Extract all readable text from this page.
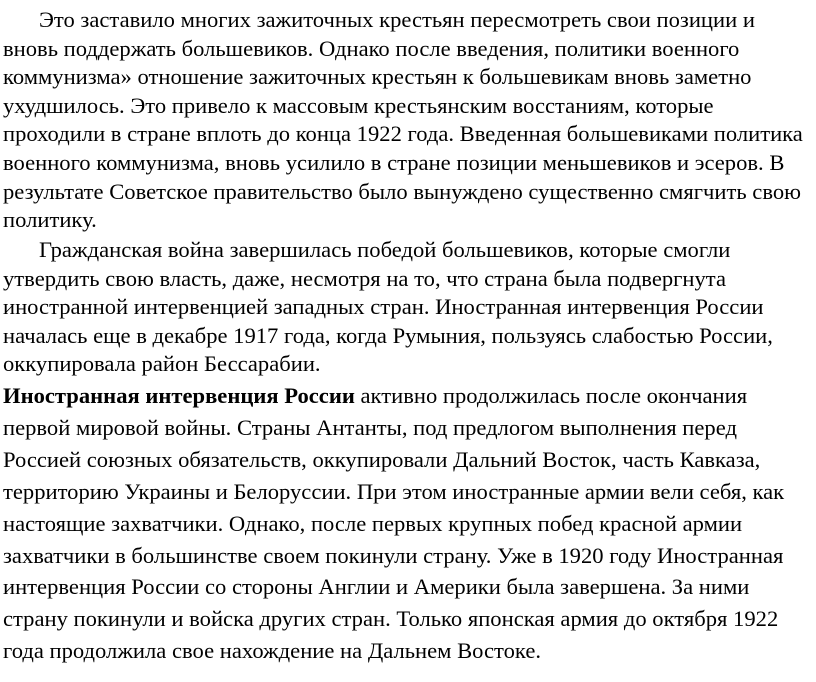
Это заставило многих зажиточных крестьян пересмотреть свои позиции и вновь поддержать большевиков. Однако после введения, политики военного коммунизма» отношение зажиточных крестьян к большевикам вновь заметно ухудшилось. Это привело к массовым крестьянским восстаниям, которые проходили в стране вплоть до конца 1922 года. Введенная большевиками политика военного коммунизма, вновь усилило в стране позиции меньшевиков и эсеров. В результате Советское правительство было вынуждено существенно смягчить свою политику.

Гражданская война завершилась победой большевиков, которые смогли утвердить свою власть, даже, несмотря на то, что страна была подвергнута иностранной интервенцией западных стран. Иностранная интервенция России началась еще в декабре 1917 года, когда Румыния, пользуясь слабостью России, оккупировала район Бессарабии.

Иностранная интервенция России активно продолжилась после окончания первой мировой войны. Страны Антанты, под предлогом выполнения перед Россией союзных обязательств, оккупировали Дальний Восток, часть Кавказа, территорию Украины и Белоруссии. При этом иностранные армии вели себя, как настоящие захватчики. Однако, после первых крупных побед красной армии захватчики в большинстве своем покинули страну. Уже в 1920 году Иностранная интервенция России со стороны Англии и Америки была завершена. За ними страну покинули и войска других стран. Только японская армия до октября 1922 года продолжила свое нахождение на Дальнем Востоке.
